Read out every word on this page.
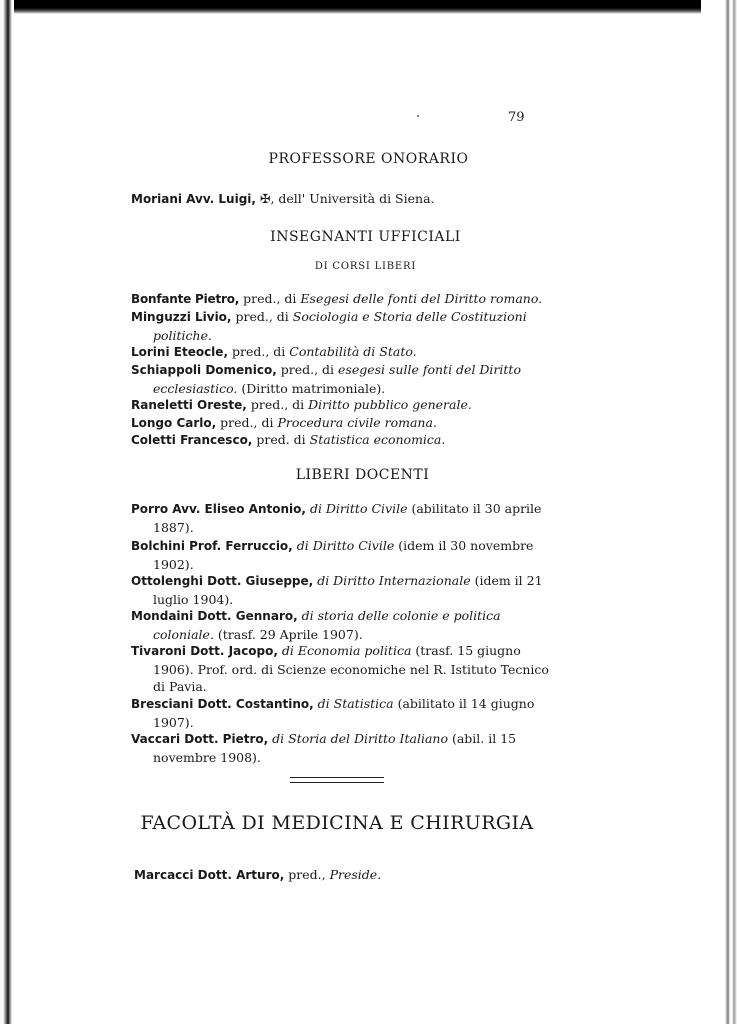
79
PROFESSORE ONORARIO
Moriani Avv. Luigi, ✠, dell' Università di Siena.
INSEGNANTI UFFICIALI
DI CORSI LIBERI
Bonfante Pietro, pred., di Esegesi delle fonti del Diritto romano.
Minguzzi Livio, pred., di Sociologia e Storia delle Costituzioni politiche.
Lorini Eteocle, pred., di Contabilità di Stato.
Schiappoli Domenico, pred., di esegesi sulle fonti del Diritto ecclesiastico. (Diritto matrimoniale).
Raneletti Oreste, pred., di Diritto pubblico generale.
Longo Carlo, pred., di Procedura civile romana.
Coletti Francesco, pred. di Statistica economica.
LIBERI DOCENTI
Porro Avv. Eliseo Antonio, di Diritto Civile (abilitato il 30 aprile 1887).
Bolchini Prof. Ferruccio, di Diritto Civile (idem il 30 novembre 1902).
Ottolenghi Dott. Giuseppe, di Diritto Internazionale (idem il 21 luglio 1904).
Mondaini Dott. Gennaro, di storia delle colonie e politica coloniale. (trasf. 29 Aprile 1907).
Tivaroni Dott. Jacopo, di Economia politica (trasf. 15 giugno 1906). Prof. ord. di Scienze economiche nel R. Istituto Tecnico di Pavia.
Bresciani Dott. Costantino, di Statistica (abilitato il 14 giugno 1907).
Vaccari Dott. Pietro, di Storia del Diritto Italiano (abil. il 15 novembre 1908).
FACOLTÀ DI MEDICINA E CHIRURGIA
Marcacci Dott. Arturo, pred., Preside.
